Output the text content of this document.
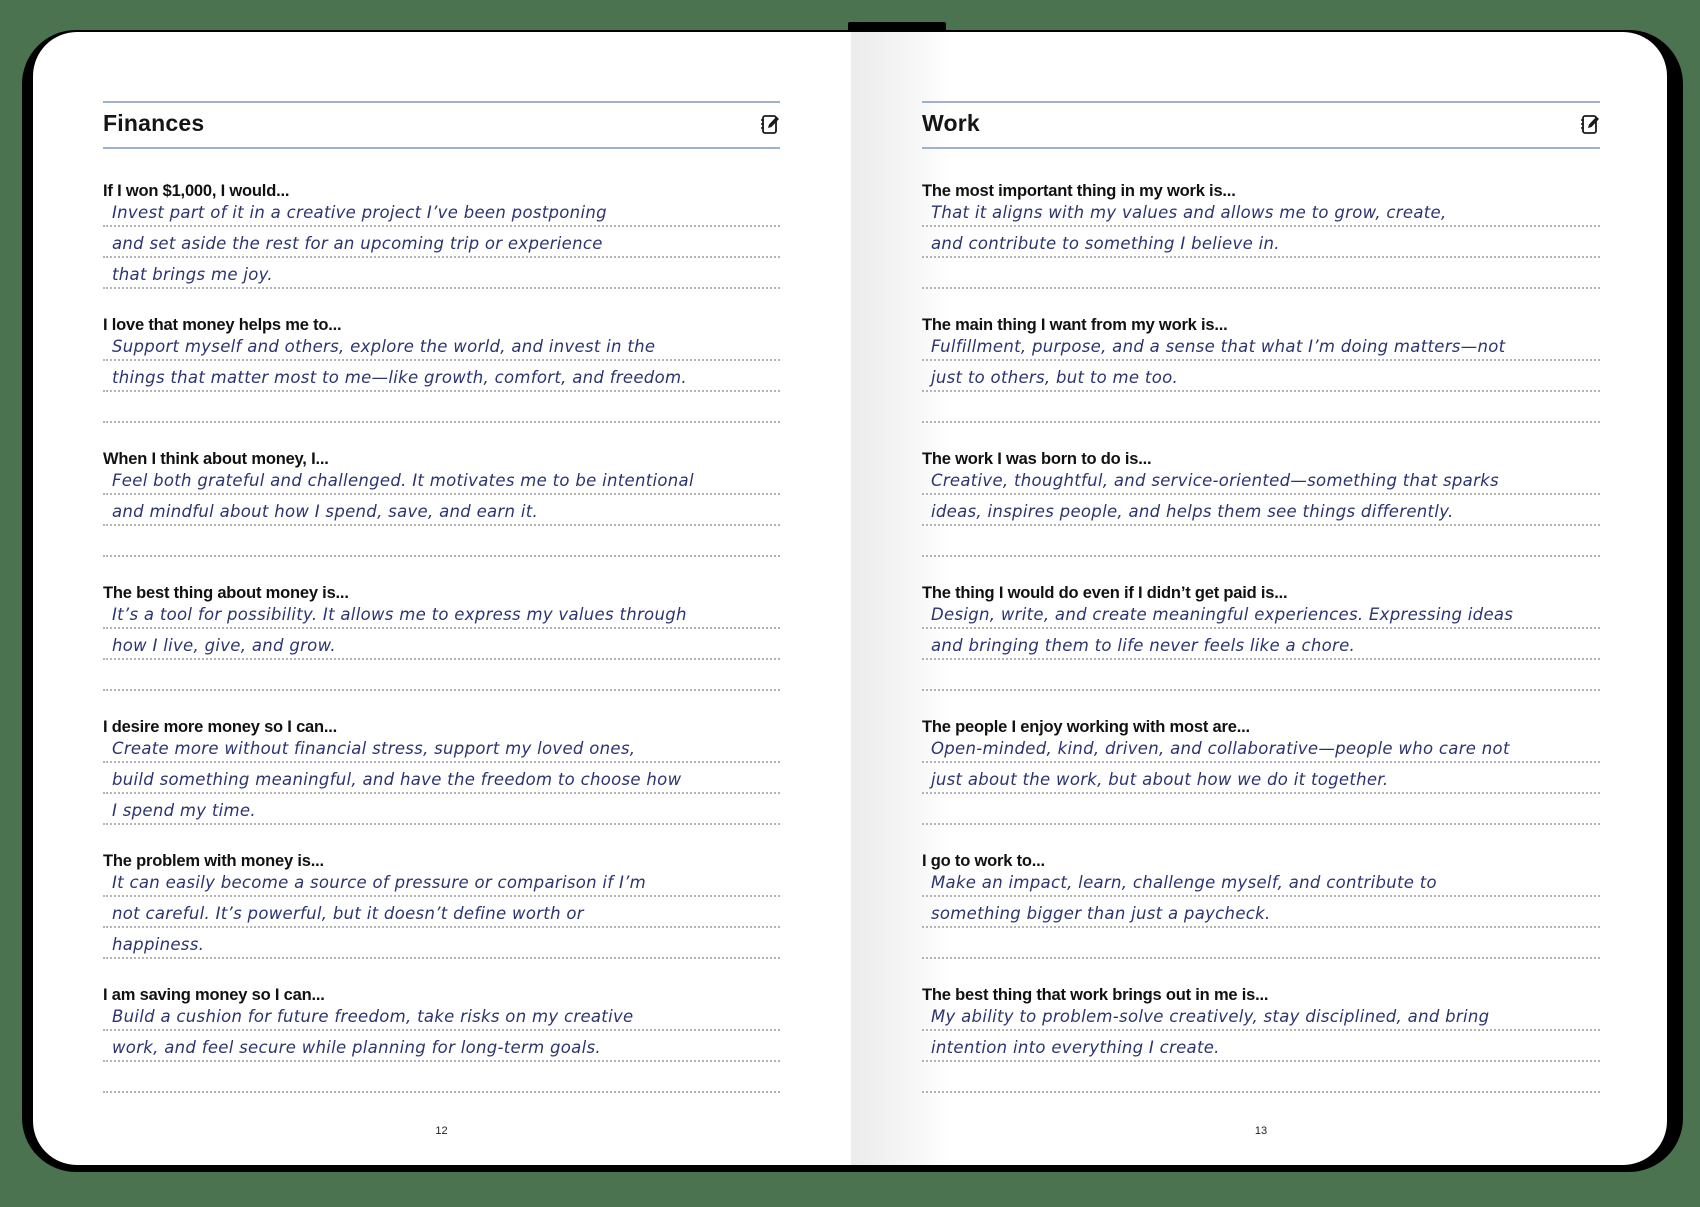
Finances
If I won $1,000, I would...
Invest part of it in a creative project I’ve been postponing
and set aside the rest for an upcoming trip or experience
that brings me joy.
I love that money helps me to...
Support myself and others, explore the world, and invest in the
things that matter most to me—like growth, comfort, and freedom.
When I think about money, I...
Feel both grateful and challenged. It motivates me to be intentional
and mindful about how I spend, save, and earn it.
The best thing about money is...
It’s a tool for possibility. It allows me to express my values through
how I live, give, and grow.
I desire more money so I can...
Create more without financial stress, support my loved ones,
build something meaningful, and have the freedom to choose how
I spend my time.
The problem with money is...
It can easily become a source of pressure or comparison if I’m
not careful. It’s powerful, but it doesn’t define worth or
happiness.
I am saving money so I can...
Build a cushion for future freedom, take risks on my creative
work, and feel secure while planning for long-term goals.
12
Work
The most important thing in my work is...
That it aligns with my values and allows me to grow, create,
and contribute to something I believe in.
The main thing I want from my work is...
Fulfillment, purpose, and a sense that what I’m doing matters—not
just to others, but to me too.
The work I was born to do is...
Creative, thoughtful, and service-oriented—something that sparks
ideas, inspires people, and helps them see things differently.
The thing I would do even if I didn’t get paid is...
Design, write, and create meaningful experiences. Expressing ideas
and bringing them to life never feels like a chore.
The people I enjoy working with most are...
Open-minded, kind, driven, and collaborative—people who care not
just about the work, but about how we do it together.
I go to work to...
Make an impact, learn, challenge myself, and contribute to
something bigger than just a paycheck.
The best thing that work brings out in me is...
My ability to problem-solve creatively, stay disciplined, and bring
intention into everything I create.
13
